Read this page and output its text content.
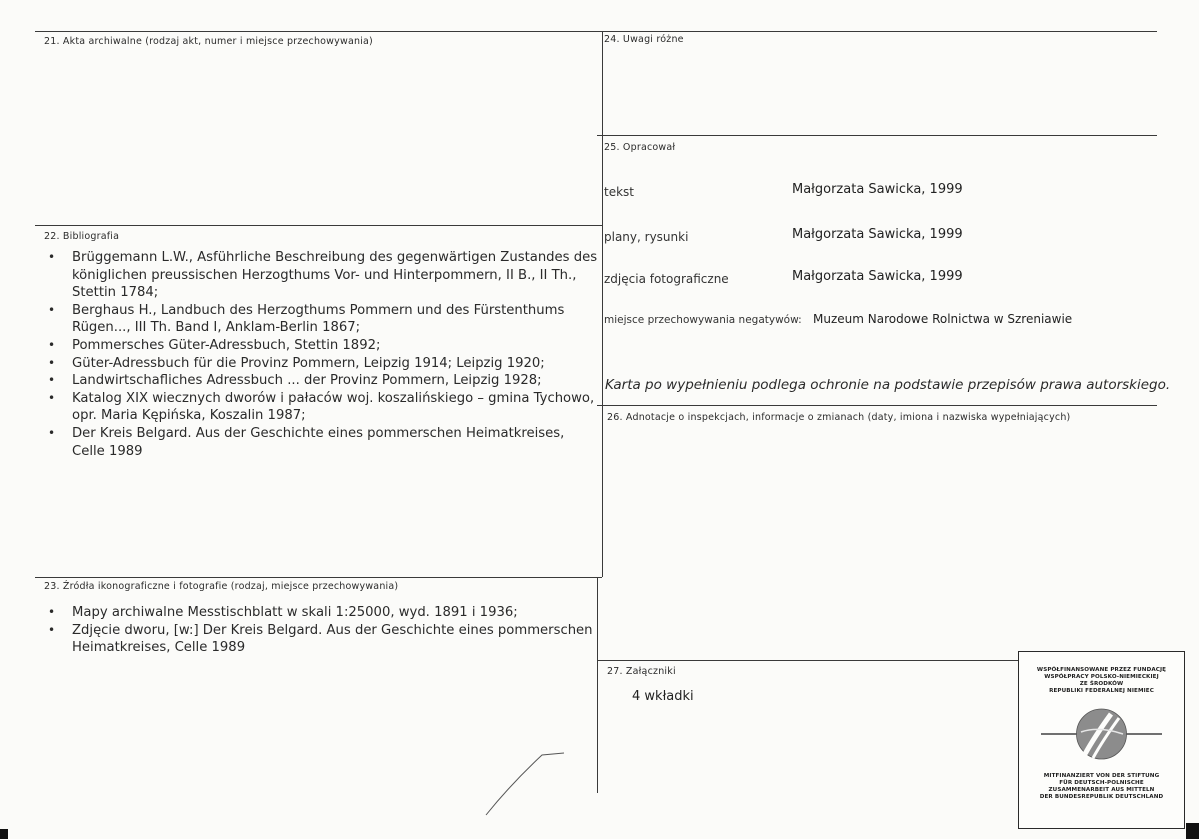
21. Akta archiwalne (rodzaj akt, numer i miejsce przechowywania)
22. Bibliografia
• Brüggemann L.W., Asführliche Beschreibung des gegenwärtigen Zustandes des königlichen preussischen Herzogthums Vor- und Hinterpommern, II B., II Th., Stettin 1784;
• Berghaus H., Landbuch des Herzogthums Pommern und des Fürstenthums Rügen..., III Th. Band I, Anklam-Berlin 1867;
• Pommersches Güter-Adressbuch, Stettin 1892;
• Güter-Adressbuch für die Provinz Pommern, Leipzig 1914; Leipzig 1920;
• Landwirtschafliches Adressbuch ... der Provinz Pommern, Leipzig 1928;
• Katalog XIX wiecznych dworów i pałaców woj. koszalińskiego – gmina Tychowo, opr. Maria Kępińska, Koszalin 1987;
• Der Kreis Belgard. Aus der Geschichte eines pommerschen Heimatkreises, Celle 1989
23. Źródła ikonograficzne i fotografie (rodzaj, miejsce przechowywania)
• Mapy archiwalne Messtischblatt w skali 1:25000, wyd. 1891 i 1936;
• Zdjęcie dworu, [w:] Der Kreis Belgard. Aus der Geschichte eines pommerschen Heimatkreises, Celle 1989
24. Uwagi różne
25. Opracował
tekst	Małgorzata Sawicka, 1999
plany, rysunki	Małgorzata Sawicka, 1999
zdjęcia fotograficzne	Małgorzata Sawicka, 1999
miejsce przechowywania negatywów: Muzeum Narodowe Rolnictwa w Szreniawie
Karta po wypełnieniu podlega ochronie na podstawie przepisów prawa autorskiego.
26. Adnotacje o inspekcjach, informacje o zmianach (daty, imiona i nazwiska wypełniających)
27. Załączniki
4 wkładki
WSPÓŁFINANSOWANE PRZEZ FUNDACJĘ
WSPÓŁPRACY POLSKO-NIEMIECKIEJ
ZE ŚRODKÓW
REPUBLIKI FEDERALNEJ NIEMIEC
MITFINANZIERT VON DER STIFTUNG
FÜR DEUTSCH-POLNISCHE
ZUSAMMENARBEIT AUS MITTELN
DER BUNDESREPUBLIK DEUTSCHLAND
